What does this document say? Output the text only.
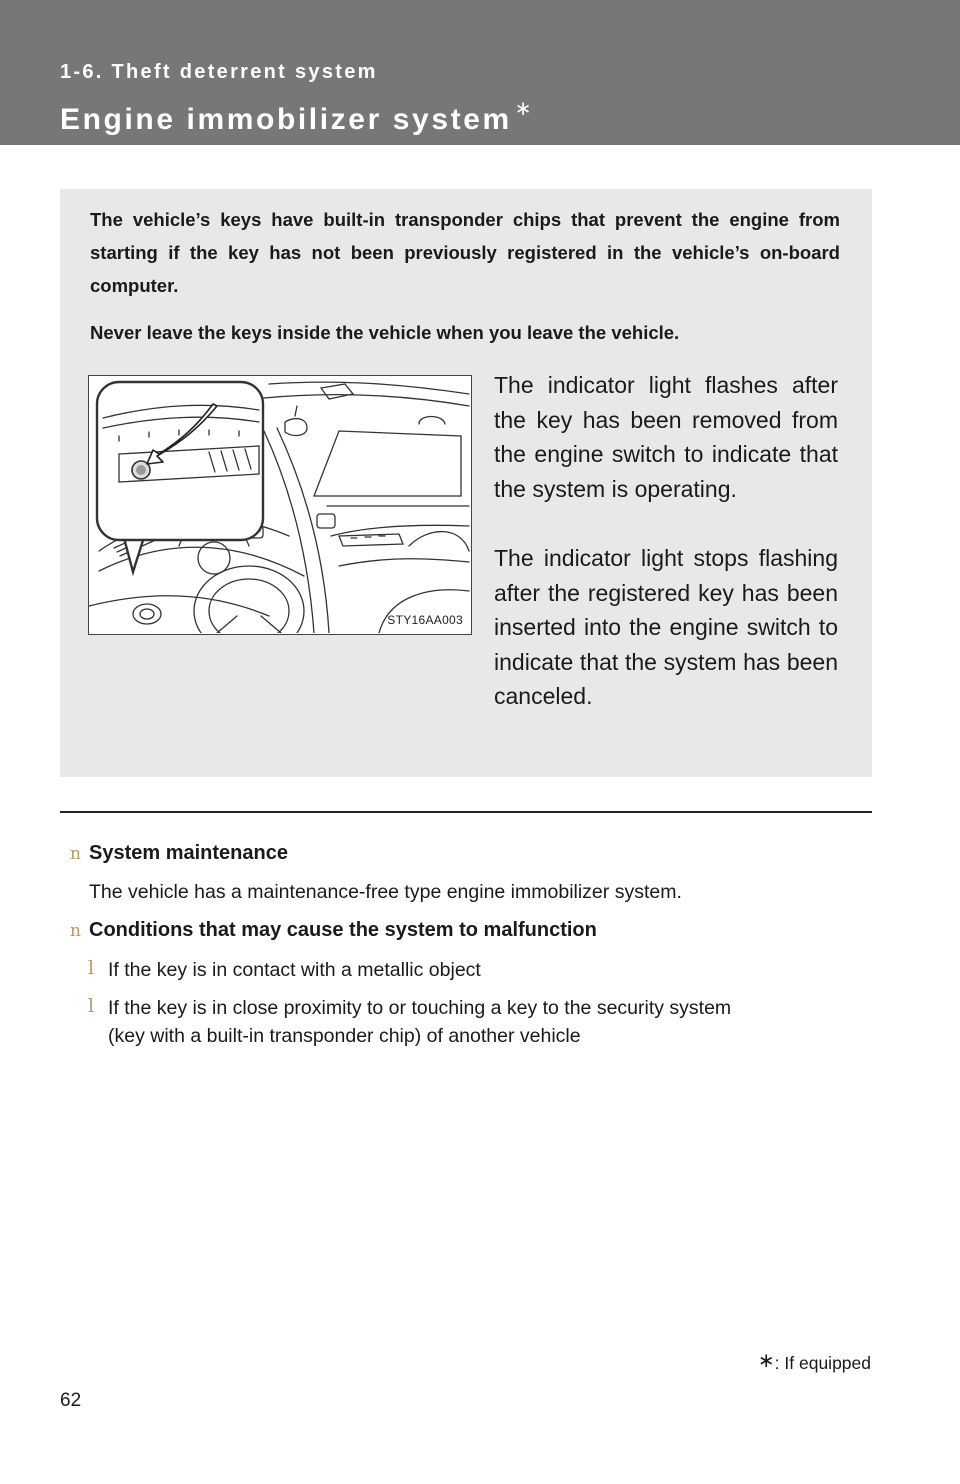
1-6. Theft deterrent system
Engine immobilizer system ∗

The vehicle’s keys have built-in transponder chips that prevent the engine from starting if the key has not been previously registered in the vehicle’s on-board computer.

Never leave the keys inside the vehicle when you leave the vehicle.

STY16AA003

The indicator light flashes after the key has been removed from the engine switch to indicate that the system is operating.

The indicator light stops flashing after the registered key has been inserted into the engine switch to indicate that the system has been canceled.

n System maintenance
The vehicle has a maintenance-free type engine immobilizer system.
n Conditions that may cause the system to malfunction
l If the key is in contact with a metallic object
l If the key is in close proximity to or touching a key to the security system
(key with a built-in transponder chip) of another vehicle
∗: If equipped
62
